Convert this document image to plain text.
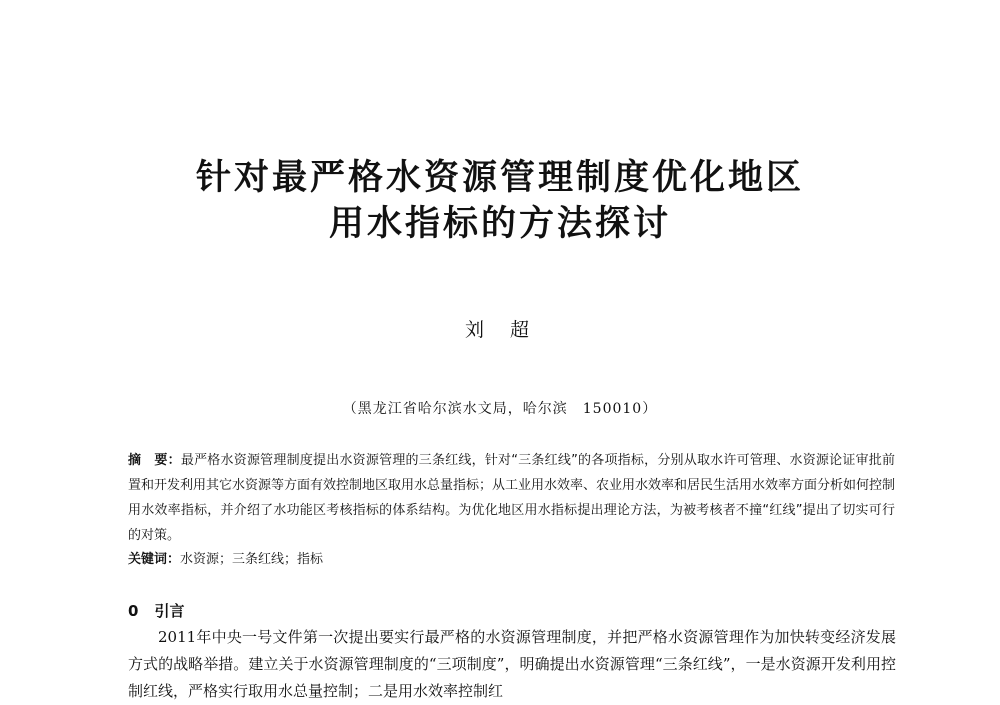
针对最严格水资源管理制度优化地区
用水指标的方法探讨
刘超
（黑龙江省哈尔滨水文局，哈尔滨　150010）

摘　要：最严格水资源管理制度提出水资源管理的三条红线，针对“三条红线”的各项指标，分别从取水许可管理、水资源论证审批前置和开发利用其它水资源等方面有效控制地区取用水总量指标；从工业用水效率、农业用水效率和居民生活用水效率方面分析如何控制用水效率指标，并介绍了水功能区考核指标的体系结构。为优化地区用水指标提出理论方法，为被考核者不撞“红线”提出了切实可行的对策。

关键词：水资源；三条红线；指标

0 引言

2011年中央一号文件第一次提出要实行最严格的水资源管理制度，并把严格水资源管理作为加快转变经济发展方式的战略举措。建立关于水资源管理制度的“三项制度”，明确提出水资源管理“三条红线”，一是水资源开发利用控制红线，严格实行取用水总量控制；二是用水效率控制红
